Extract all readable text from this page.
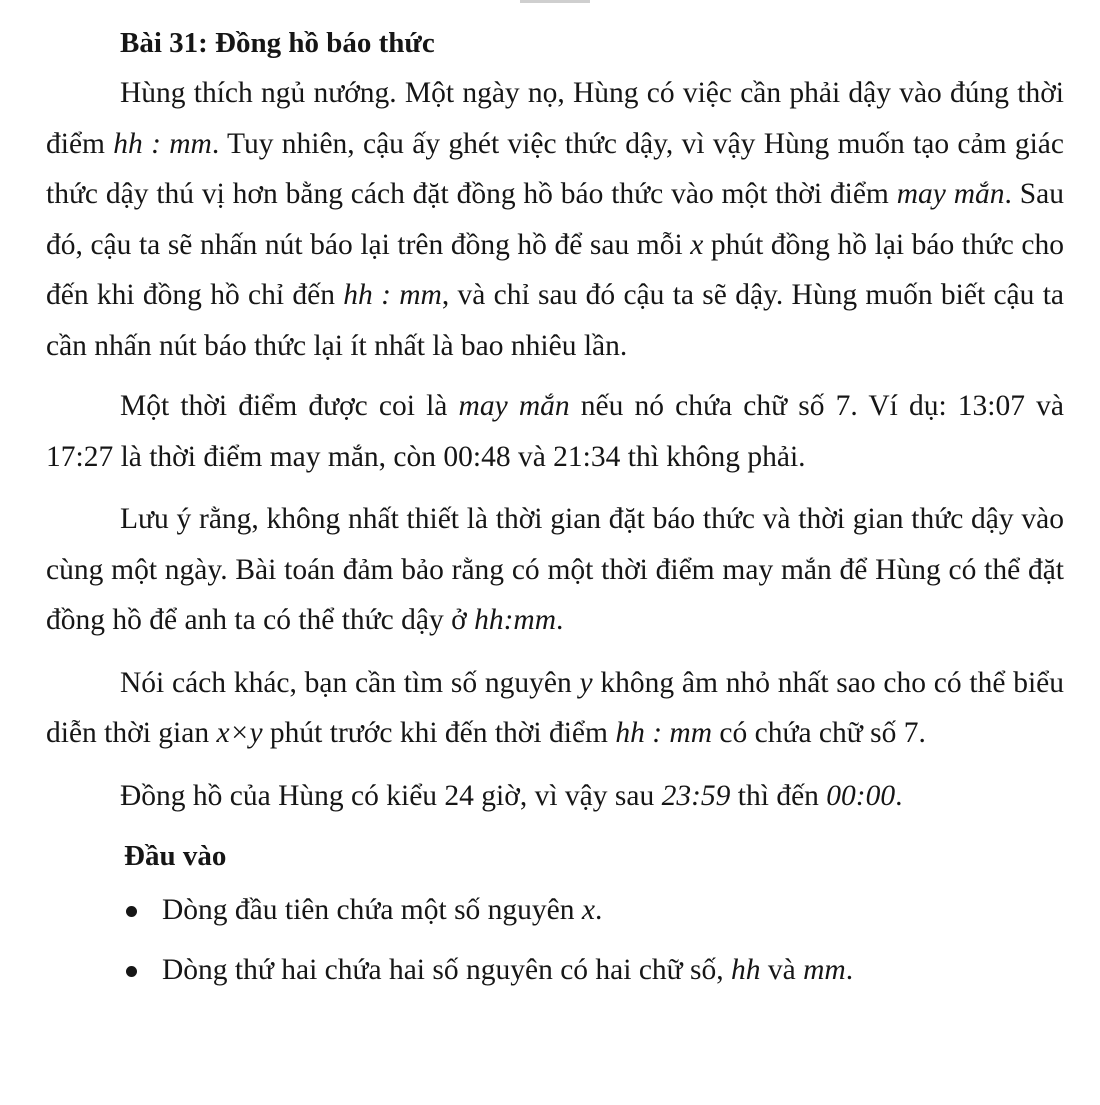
Bài 31: Đồng hồ báo thức

Hùng thích ngủ nướng. Một ngày nọ, Hùng có việc cần phải dậy vào đúng thời điểm hh : mm. Tuy nhiên, cậu ấy ghét việc thức dậy, vì vậy Hùng muốn tạo cảm giác thức dậy thú vị hơn bằng cách đặt đồng hồ báo thức vào một thời điểm may mắn. Sau đó, cậu ta sẽ nhấn nút báo lại trên đồng hồ để sau mỗi x phút đồng hồ lại báo thức cho đến khi đồng hồ chỉ đến hh : mm, và chỉ sau đó cậu ta sẽ dậy. Hùng muốn biết cậu ta cần nhấn nút báo thức lại ít nhất là bao nhiêu lần.

Một thời điểm được coi là may mắn nếu nó chứa chữ số 7. Ví dụ: 13:07 và 17:27 là thời điểm may mắn, còn 00:48 và 21:34 thì không phải.

Lưu ý rằng, không nhất thiết là thời gian đặt báo thức và thời gian thức dậy vào cùng một ngày. Bài toán đảm bảo rằng có một thời điểm may mắn để Hùng có thể đặt đồng hồ để anh ta có thể thức dậy ở hh:mm.

Nói cách khác, bạn cần tìm số nguyên y không âm nhỏ nhất sao cho có thể biểu diễn thời gian x×y phút trước khi đến thời điểm hh : mm có chứa chữ số 7.

Đồng hồ của Hùng có kiểu 24 giờ, vì vậy sau 23:59 thì đến 00:00.

Đầu vào
Dòng đầu tiên chứa một số nguyên x.
Dòng thứ hai chứa hai số nguyên có hai chữ số, hh và mm.
